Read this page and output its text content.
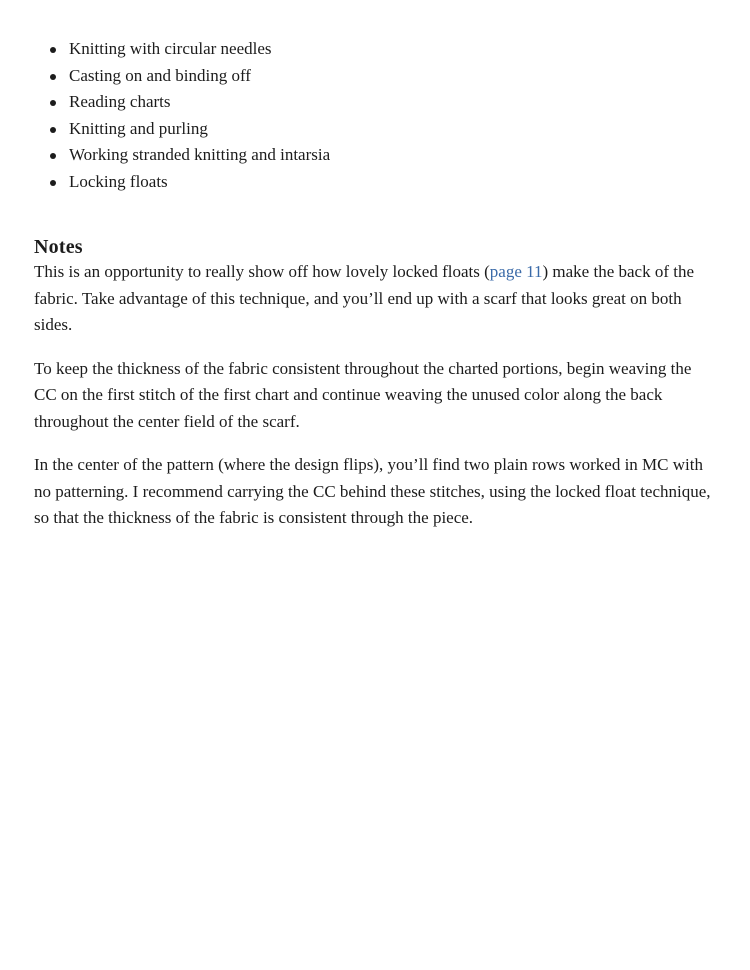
Knitting with circular needles
Casting on and binding off
Reading charts
Knitting and purling
Working stranded knitting and intarsia
Locking floats
Notes

This is an opportunity to really show off how lovely locked floats (page 11) make the back of the fabric. Take advantage of this technique, and you’ll end up with a scarf that looks great on both sides.

To keep the thickness of the fabric consistent throughout the charted portions, begin weaving the CC on the first stitch of the first chart and continue weaving the unused color along the back throughout the center field of the scarf.

In the center of the pattern (where the design flips), you’ll find two plain rows worked in MC with no patterning. I recommend carrying the CC behind these stitches, using the locked float technique, so that the thickness of the fabric is consistent through the piece.
